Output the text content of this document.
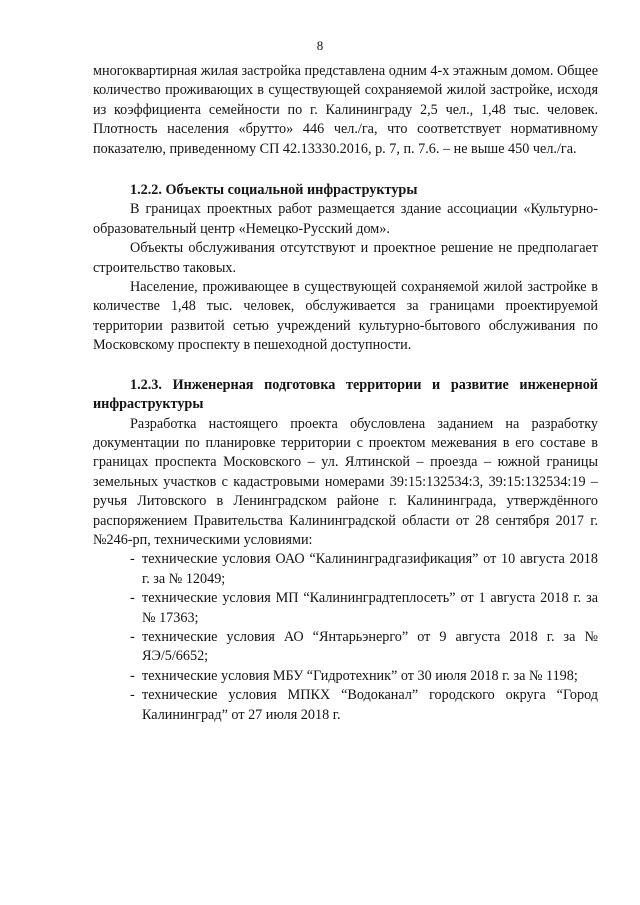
8

многоквартирная жилая застройка представлена одним 4-х этажным домом. Общее количество проживающих в существующей сохраняемой жилой застройке, исходя из коэффициента семейности по г. Калининграду 2,5 чел., 1,48 тыс. человек. Плотность населения «брутто» 446 чел./га, что соответствует нормативному показателю, приведенному СП 42.13330.2016, р. 7, п. 7.6. – не выше 450 чел./га.

1.2.2. Объекты социальной инфраструктуры

В границах проектных работ размещается здание ассоциации «Культурно-образовательный центр «Немецко-Русский дом».

Объекты обслуживания отсутствуют и проектное решение не предполагает строительство таковых.

Население, проживающее в существующей сохраняемой жилой застройке в количестве 1,48 тыс. человек, обслуживается за границами проектируемой территории развитой сетью учреждений культурно-бытового обслуживания по Московскому проспекту в пешеходной доступности.

1.2.3. Инженерная подготовка территории и развитие инженерной инфраструктуры

Разработка настоящего проекта обусловлена заданием на разработку документации по планировке территории с проектом межевания в его составе в границах проспекта Московского – ул. Ялтинской – проезда – южной границы земельных участков с кадастровыми номерами 39:15:132534:3, 39:15:132534:19 – ручья Литовского в Ленинградском районе г. Калининграда, утверждённого распоряжением Правительства Калининградской области от 28 сентября 2017 г. №246-рп, техническими условиями:

- технические условия ОАО “Калининградгазификация” от 10 августа 2018 г. за № 12049;
- технические условия МП “Калининградтеплосеть” от 1 августа 2018 г. за № 17363;
- технические условия АО “Янтарьэнерго” от 9 августа 2018 г. за № ЯЭ/5/6652;
- технические условия МБУ “Гидротехник” от 30 июля 2018 г. за № 1198;
- технические условия МПКХ “Водоканал” городского округа “Город Калининград” от 27 июля 2018 г.
